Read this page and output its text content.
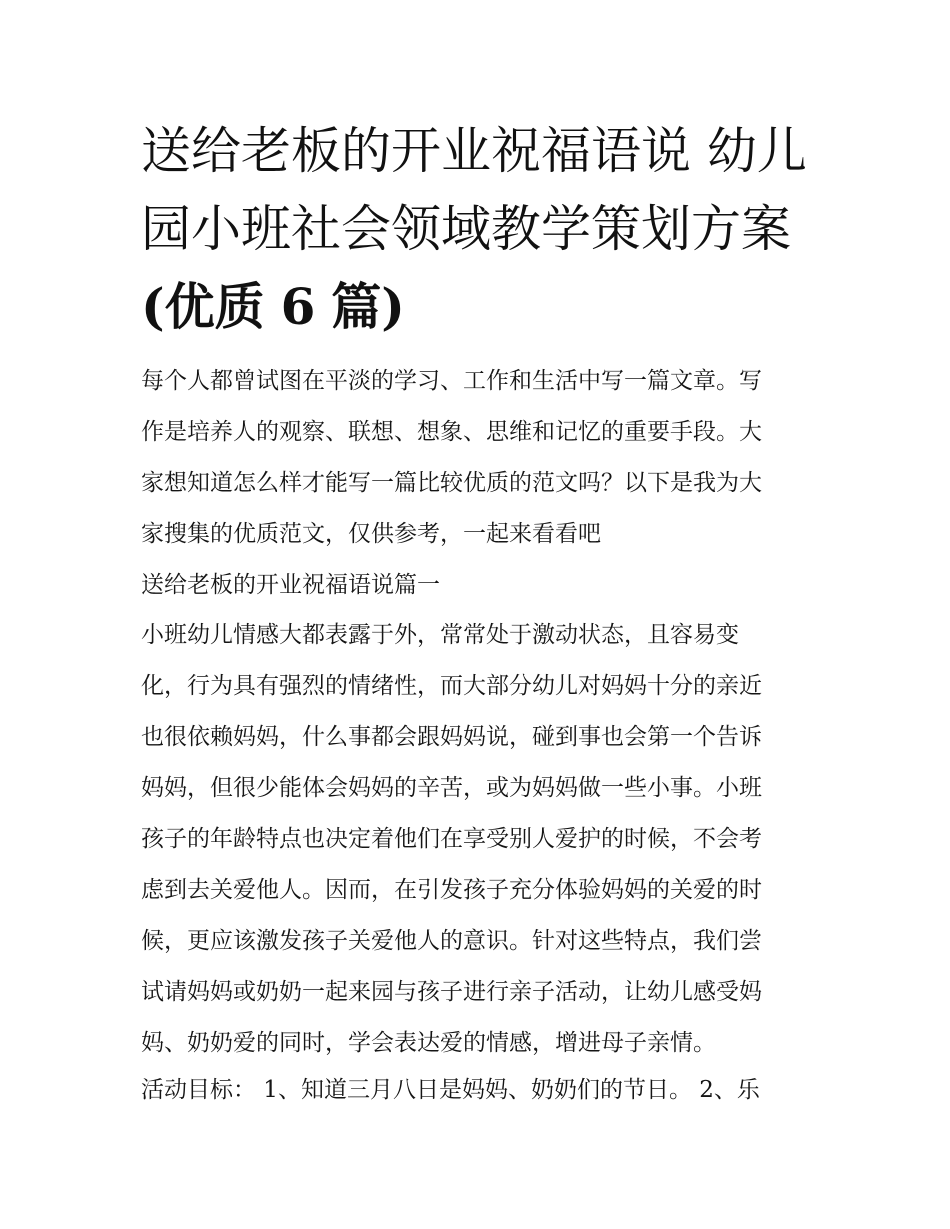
送给老板的开业祝福语说 幼儿
园小班社会领域教学策划方案
(优质 6 篇)
每个人都曾试图在平淡的学习、工作和生活中写一篇文章。写
作是培养人的观察、联想、想象、思维和记忆的重要手段。大
家想知道怎么样才能写一篇比较优质的范文吗？以下是我为大
家搜集的优质范文，仅供参考，一起来看看吧
送给老板的开业祝福语说篇一
小班幼儿情感大都表露于外，常常处于激动状态，且容易变
化，行为具有强烈的情绪性，而大部分幼儿对妈妈十分的亲近
也很依赖妈妈，什么事都会跟妈妈说，碰到事也会第一个告诉
妈妈，但很少能体会妈妈的辛苦，或为妈妈做一些小事。小班
孩子的年龄特点也决定着他们在享受别人爱护的时候，不会考
虑到去关爱他人。因而，在引发孩子充分体验妈妈的关爱的时
候，更应该激发孩子关爱他人的意识。针对这些特点，我们尝
试请妈妈或奶奶一起来园与孩子进行亲子活动，让幼儿感受妈
妈、奶奶爱的同时，学会表达爱的情感，增进母子亲情。
活动目标： 1、知道三月八日是妈妈、奶奶们的节日。 2、乐
